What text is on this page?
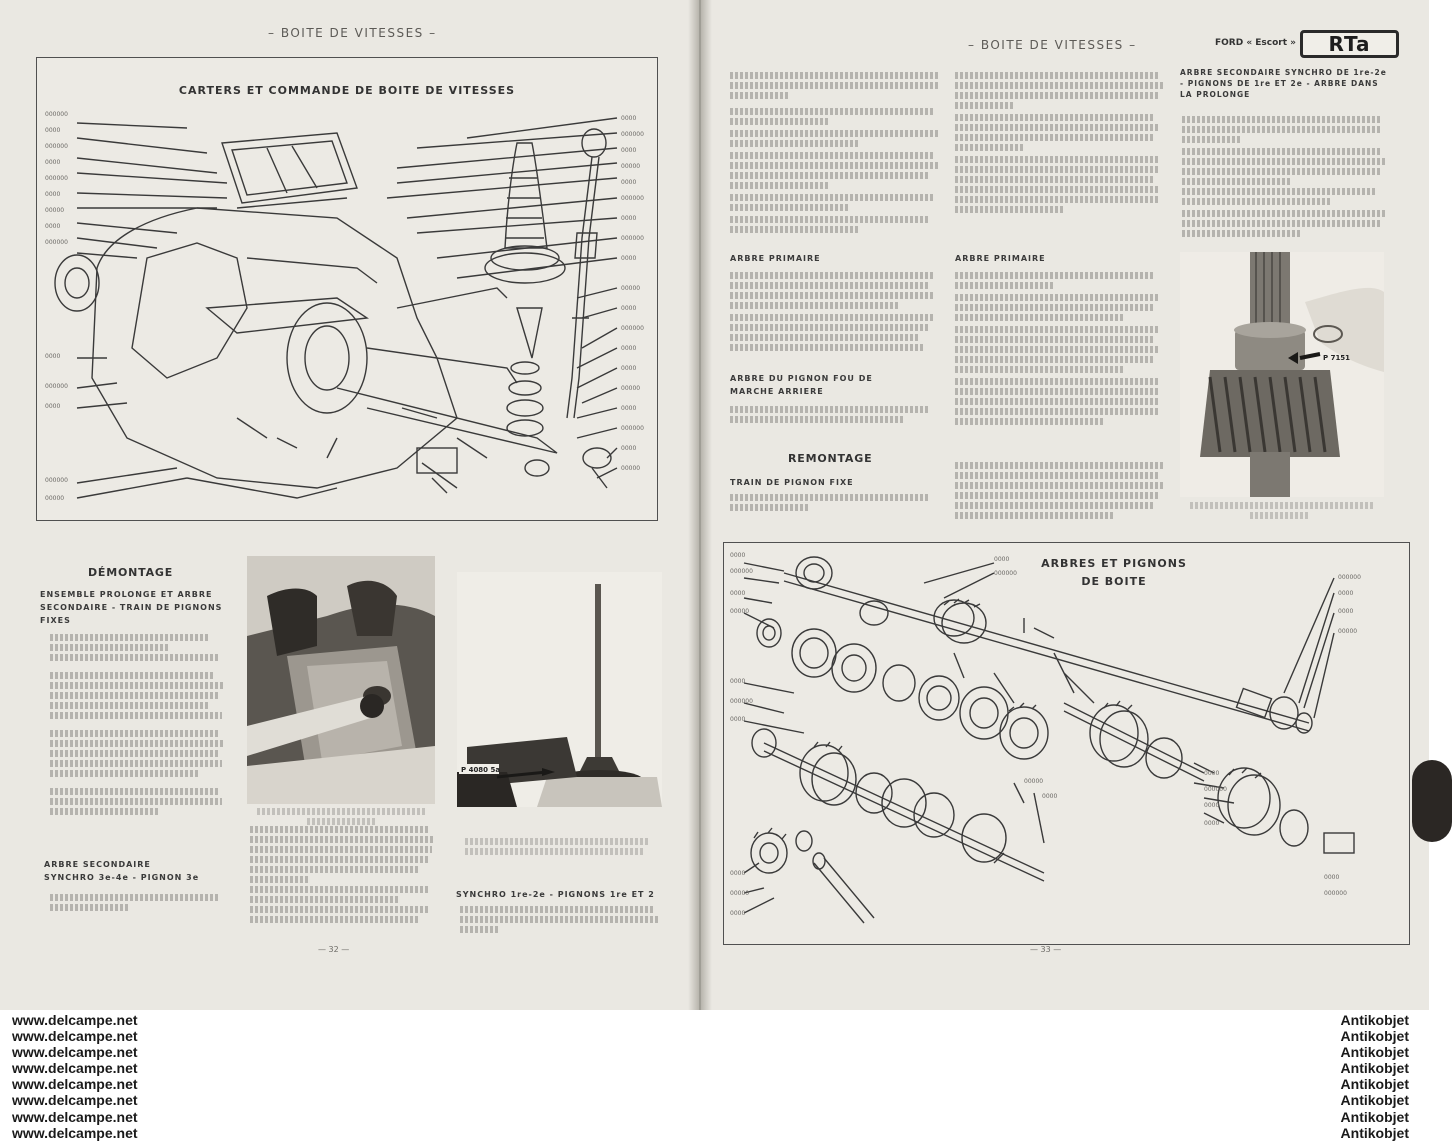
– BOITE DE VITESSES –
– BOITE DE VITESSES –	FORD « Escort » RTa
000000
0000
000000
0000
000000
0000
00000
0000
000000
0000
000000
0000
000000
00000
0000
000000
0000
00000
0000
000000
0000
000000
0000
00000
0000
000000
0000
0000
00000
0000
000000
0000
00000
CARTERS ET COMMANDE DE BOITE DE VITESSES
DÉMONTAGE
ENSEMBLE PROLONGE ET ARBRE SECONDAIRE - TRAIN DE PIGNONS FIXES
ARBRE SECONDAIRE SYNCHRO 3e-4e - PIGNON 3e
P 4080 5a
SYNCHRO 1re-2e - PIGNONS 1re ET 2
— 32 —
ARBRE PRIMAIRE
ARBRE DU PIGNON FOU DE MARCHE ARRIERE
REMONTAGE
TRAIN DE PIGNON FIXE
ARBRE PRIMAIRE
ARBRE SECONDAIRE SYNCHRO DE 1re-2e - PIGNONS DE 1re ET 2e - ARBRE DANS LA PROLONGE
P 7151
0000
000000
0000
00000
0000
000000
0000
0000
00000
0000
0000
000000
000000
0000
0000
00000
0000
000000
0000
0000
00000
0000
0000
000000
ARBRES ET PIGNONS
DE BOITE
— 33 —
www.delcampe.net
www.delcampe.net
www.delcampe.net
www.delcampe.net
www.delcampe.net
www.delcampe.net
www.delcampe.net
www.delcampe.net
Antikobjet
Antikobjet
Antikobjet
Antikobjet
Antikobjet
Antikobjet
Antikobjet
Antikobjet
